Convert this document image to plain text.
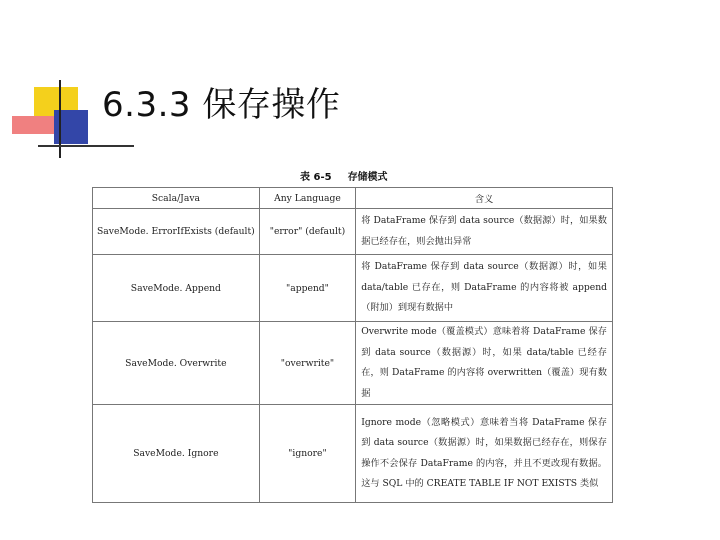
6.3.3 保存操作
表 6-5 存储模式
Scala/Java	Any Language	含义
SaveMode. ErrorIfExists (default)	"error" (default)	将 DataFrame 保存到 data source（数据源）时，如果数据已经存在，则会抛出异常
SaveMode. Append	"append"	将 DataFrame 保存到 data source（数据源）时，如果 data/table 已存在，则 DataFrame 的内容将被 append（附加）到现有数据中
SaveMode. Overwrite	"overwrite"	Overwrite mode（覆盖模式）意味着将 DataFrame 保存到 data source（数据源）时，如果 data/table 已经存在，则 DataFrame 的内容将 overwritten（覆盖）现有数据
SaveMode. Ignore	"ignore"	Ignore mode（忽略模式）意味着当将 DataFrame 保存到 data source（数据源）时，如果数据已经存在，则保存操作不会保存 DataFrame 的内容，并且不更改现有数据。这与 SQL 中的 CREATE TABLE IF NOT EXISTS 类似
